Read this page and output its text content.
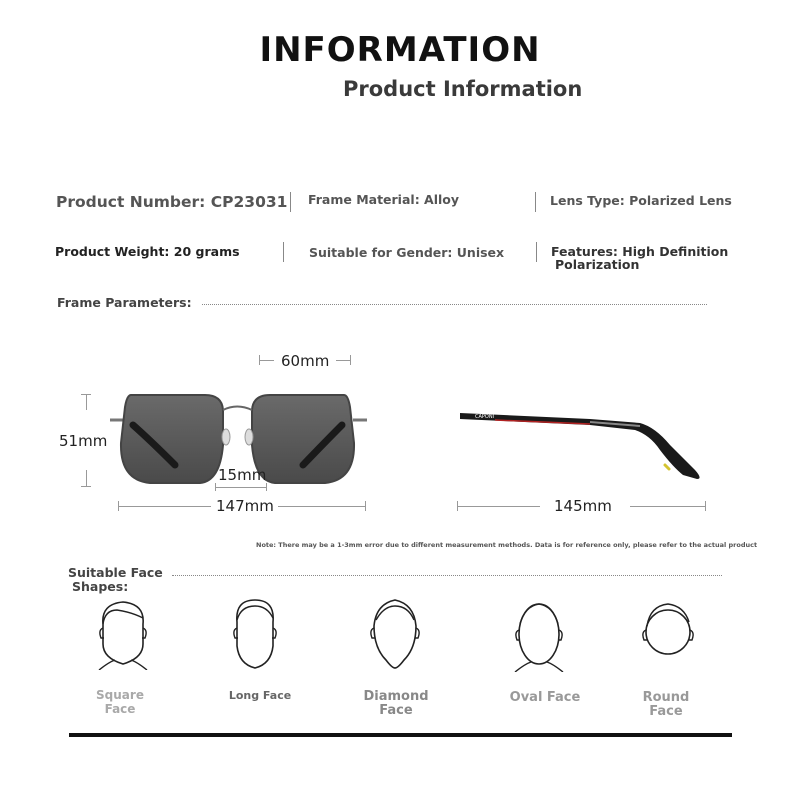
INFORMATION
Product Information
Product Number: CP23031 Frame Material: Alloy	Lens Type: Polarized Lens
Product Weight: 20 grams	Suitable for Gender: Unisex	Features: High Definition
Polarization
Frame Parameters:
60mm
51mm
15mm
147mm
CAPONI
145mm
Note: There may be a 1-3mm error due to different measurement methods. Data is for reference only, please refer to the actual product
Suitable Face
Shapes:
Square
Face
Long Face	Diamond
Face
Oval Face	Round
Face
